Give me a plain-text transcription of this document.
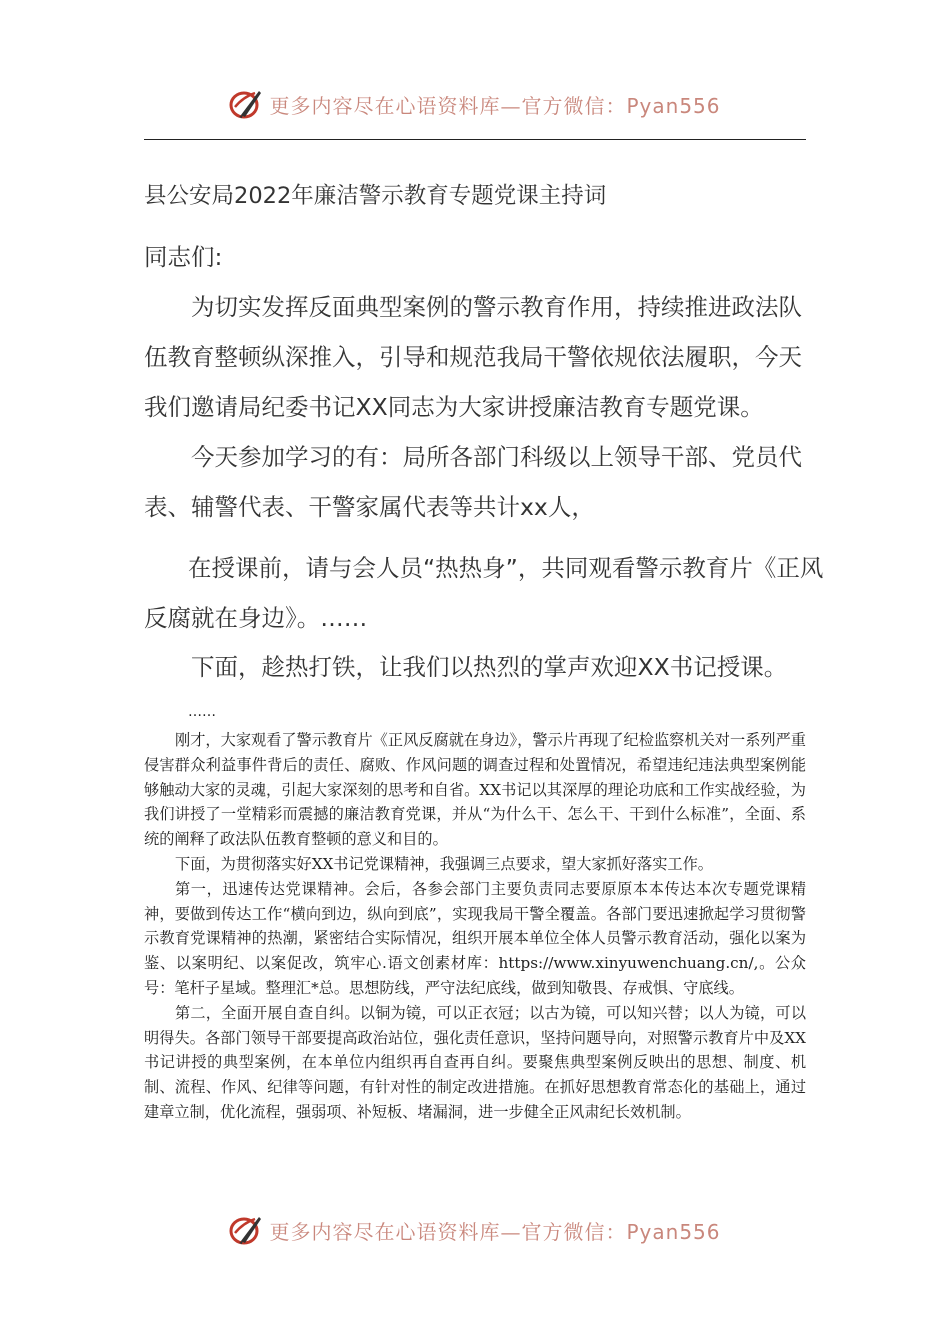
更多内容尽在心语资料库—官方微信：Pyan556
县公安局2022年廉洁警示教育专题党课主持词
同志们:
为切实发挥反面典型案例的警示教育作用，持续推进政法队伍教育整顿纵深推入，引导和规范我局干警依规依法履职，今天我们邀请局纪委书记XX同志为大家讲授廉洁教育专题党课。
今天参加学习的有：局所各部门科级以上领导干部、党员代表、辅警代表、干警家属代表等共计xx人，
在授课前，请与会人员“热热身”，共同观看警示教育片《正风反腐就在身边》。……
下面，趁热打铁，让我们以热烈的掌声欢迎XX书记授课。
……

刚才，大家观看了警示教育片《正风反腐就在身边》，警示片再现了纪检监察机关对一系列严重侵害群众利益事件背后的责任、腐败、作风问题的调查过程和处置情况，希望违纪违法典型案例能够触动大家的灵魂，引起大家深刻的思考和自省。XX书记以其深厚的理论功底和工作实战经验，为我们讲授了一堂精彩而震撼的廉洁教育党课，并从“为什么干、怎么干、干到什么标准”，全面、系统的阐释了政法队伍教育整顿的意义和目的。

下面，为贯彻落实好XX书记党课精神，我强调三点要求，望大家抓好落实工作。

第一，迅速传达党课精神。会后，各参会部门主要负责同志要原原本本传达本次专题党课精神，要做到传达工作“横向到边，纵向到底”，实现我局干警全覆盖。各部门要迅速掀起学习贯彻警示教育党课精神的热潮，紧密结合实际情况，组织开展本单位全体人员警示教育活动，强化以案为鉴、以案明纪、以案促改，筑牢心.语文创素材库：https://www.xinyuwenchuang.cn/,。公众号：笔杆子星域。整理汇*总。思想防线，严守法纪底线，做到知敬畏、存戒惧、守底线。

第二，全面开展自查自纠。以铜为镜，可以正衣冠；以古为镜，可以知兴替；以人为镜，可以明得失。各部门领导干部要提高政治站位，强化责任意识，坚持问题导向，对照警示教育片中及XX书记讲授的典型案例，在本单位内组织再自查再自纠。要聚焦典型案例反映出的思想、制度、机制、流程、作风、纪律等问题，有针对性的制定改进措施。在抓好思想教育常态化的基础上，通过建章立制，优化流程，强弱项、补短板、堵漏洞，进一步健全正风肃纪长效机制。

更多内容尽在心语资料库—官方微信：Pyan556
